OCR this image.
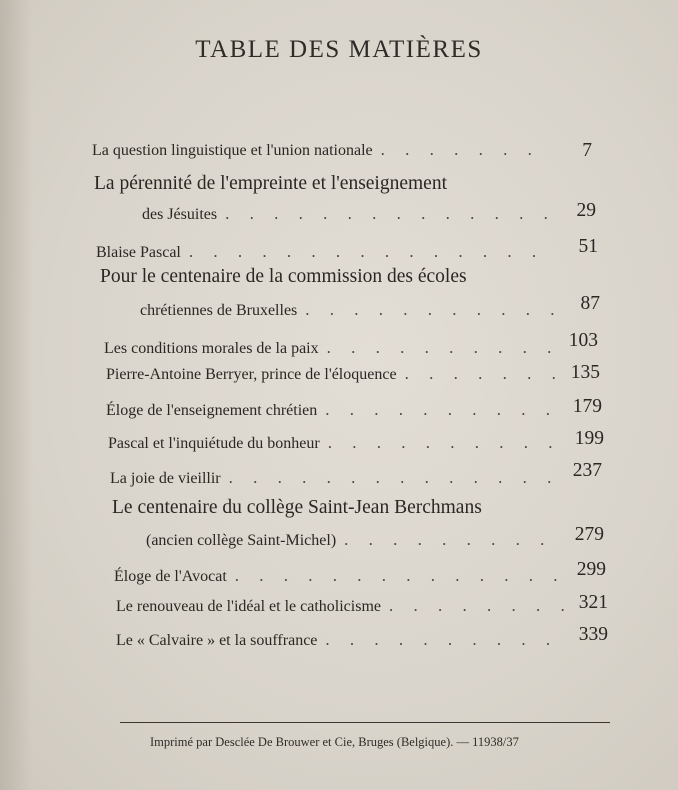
TABLE DES MATIÈRES
La question linguistique et l'union nationale . . .	7
La pérennité de l'empreinte et l'enseignement
des Jésuites . . .	29
Blaise Pascal . . .	51
Pour le centenaire de la commission des écoles
chrétiennes de Bruxelles . . .	87
Les conditions morales de la paix . . .	103
Pierre-Antoine Berryer, prince de l'éloquence . . .	135
Éloge de l'enseignement chrétien . . .	179
Pascal et l'inquiétude du bonheur . . .	199
La joie de vieillir . . .	237
Le centenaire du collège Saint-Jean Berchmans
(ancien collège Saint-Michel) . . .	279
Éloge de l'Avocat . . .	299
Le renouveau de l'idéal et le catholicisme . . .	321
Le « Calvaire » et la souffrance . . .	339
Imprimé par Desclée De Brouwer et Cie, Bruges (Belgique). — 11938/37
